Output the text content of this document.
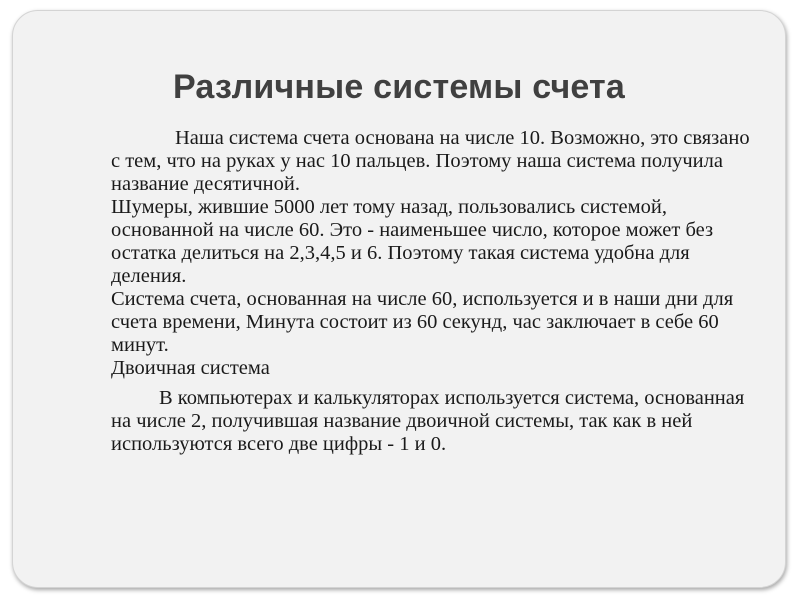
Различные системы счета

Наша система счета основана на числе 10. Возможно, это связано с тем, что на руках у нас 10 пальцев. Поэтому наша система получила название десятичной.

Шумеры, жившие 5000 лет тому назад, пользовались системой, основанной на числе 60. Это - наименьшее число, которое может без остатка делиться на 2,3,4,5 и 6. Поэтому такая система удобна для деления.

Система счета, основанная на числе 60, используется и в наши дни для счета времени, Минута состоит из 60 секунд, час заключает в себе 60 минут.

Двоичная система

В компьютерах и калькуляторах используется система, основанная на числе 2, получившая название двоичной системы, так как в ней используются всего две цифры - 1 и 0.
